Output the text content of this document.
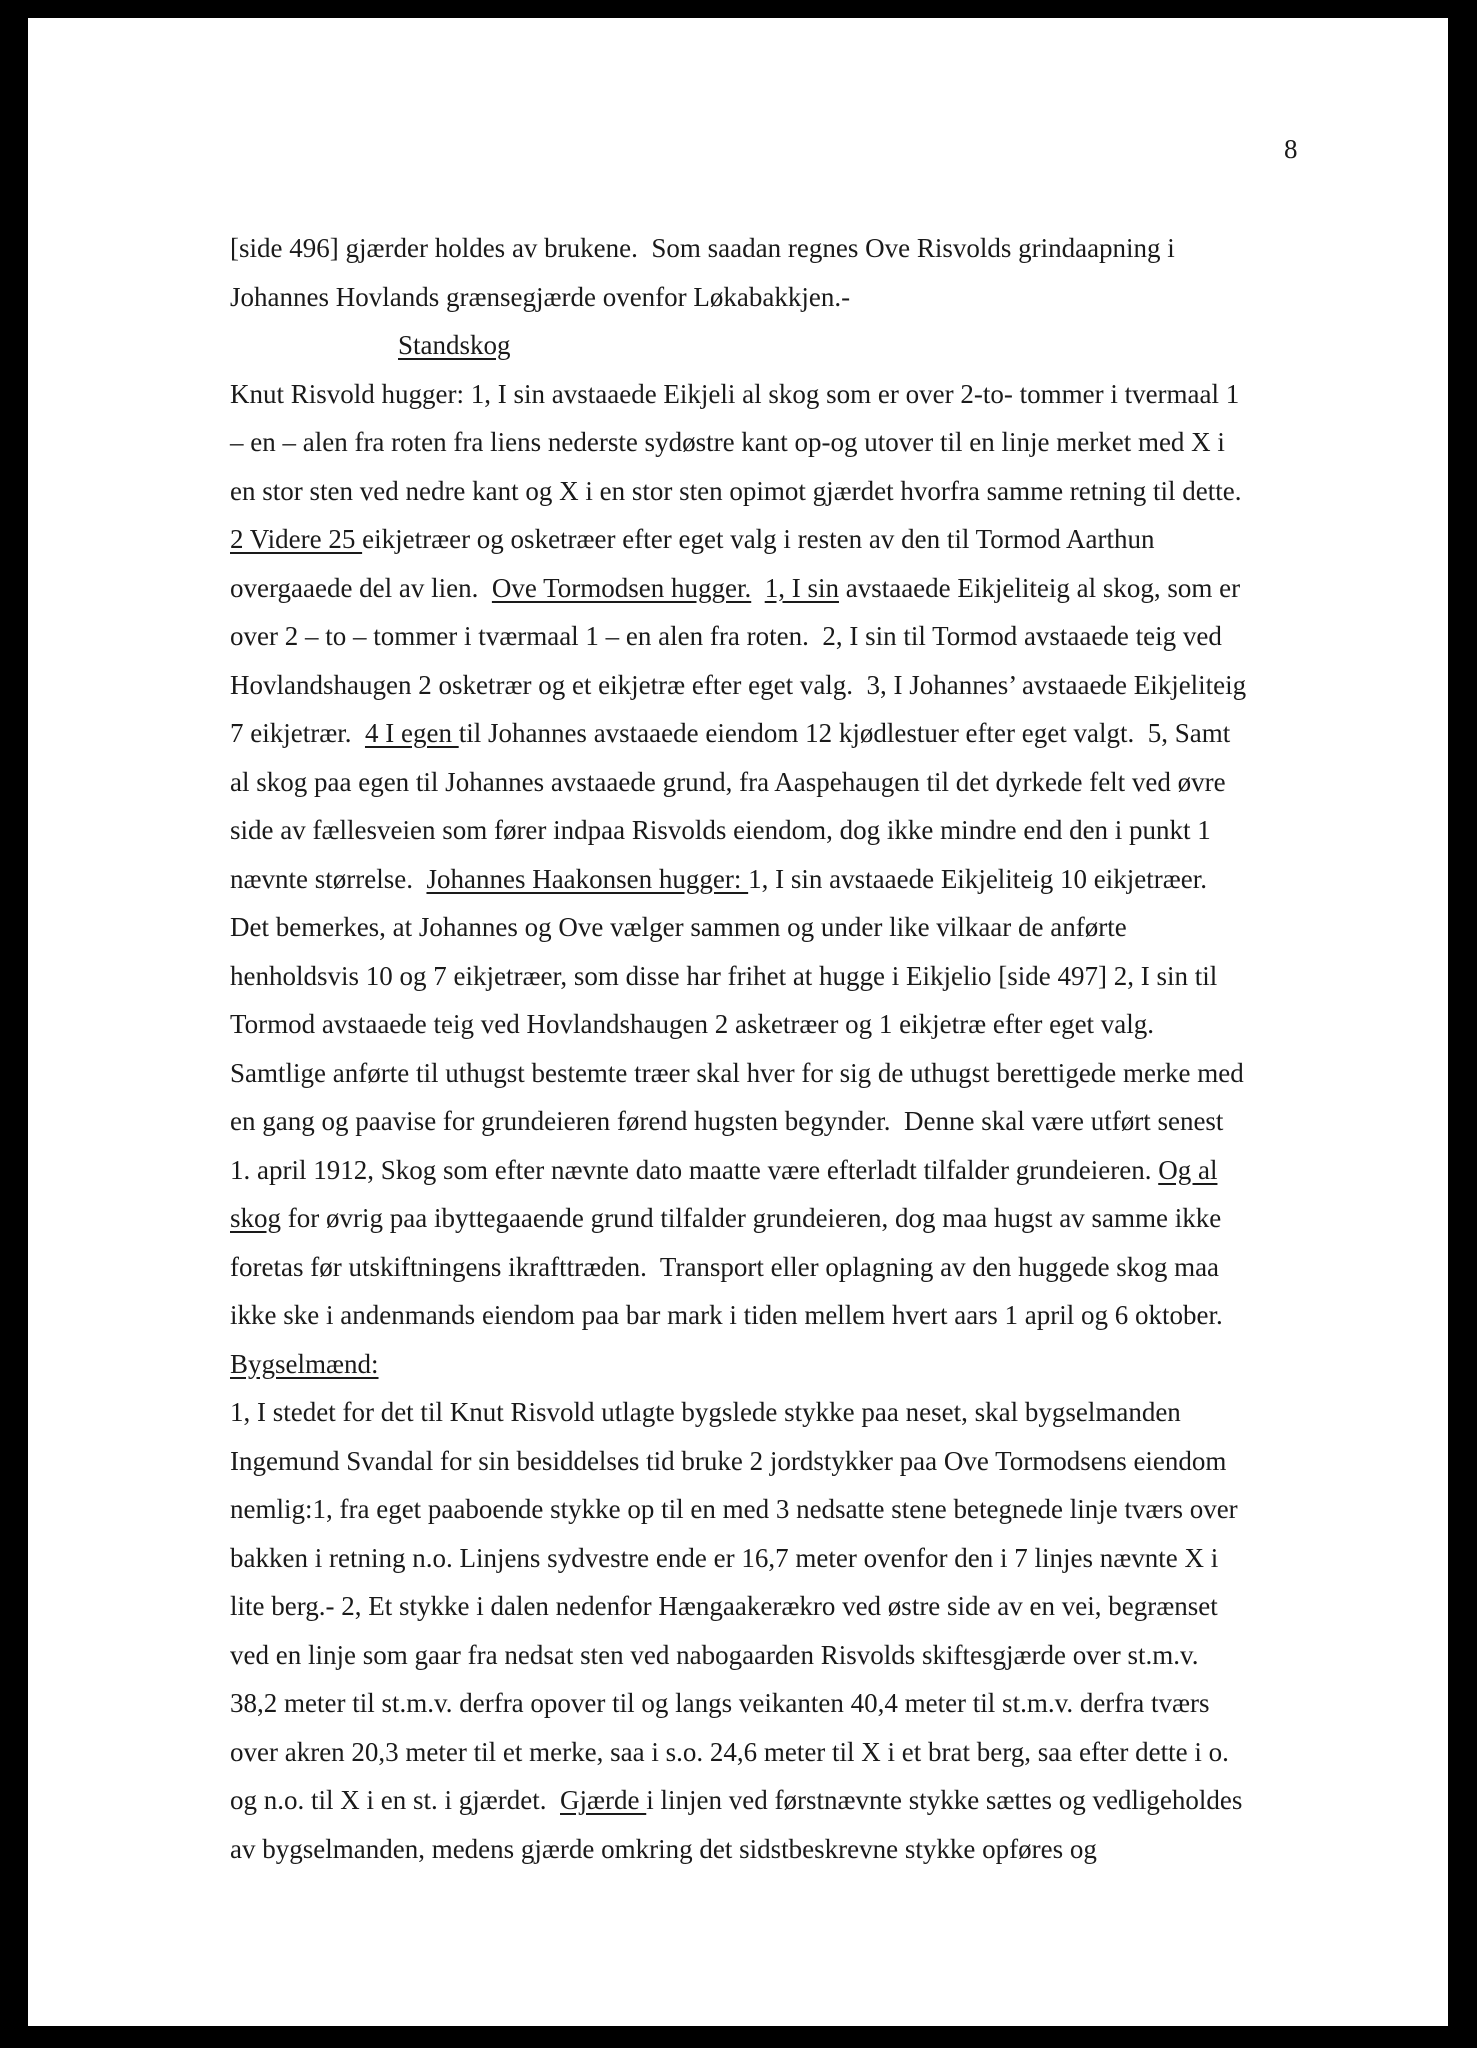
8
[side 496] gjærder holdes av brukene.  Som saadan regnes Ove Risvolds grindaapning i
Johannes Hovlands grænsegjærde ovenfor Løkabakkjen.-
Standskog
Knut Risvold hugger: 1, I sin avstaaede Eikjeli al skog som er over 2-to- tommer i tvermaal 1
– en – alen fra roten fra liens nederste sydøstre kant op-og utover til en linje merket med X i
en stor sten ved nedre kant og X i en stor sten opimot gjærdet hvorfra samme retning til dette.
2 Videre 25 eikjetræer og osketræer efter eget valg i resten av den til Tormod Aarthun
overgaaede del av lien.  Ove Tormodsen hugger. 1, I sin avstaaede Eikjeliteig al skog, som er
over 2 – to – tommer i tværmaal 1 – en alen fra roten.  2, I sin til Tormod avstaaede teig ved
Hovlandshaugen 2 osketrær og et eikjetræ efter eget valg.  3, I Johannes’ avstaaede Eikjeliteig
7 eikjetrær.  4 I egen til Johannes avstaaede eiendom 12 kjødlestuer efter eget valgt.  5, Samt
al skog paa egen til Johannes avstaaede grund, fra Aaspehaugen til det dyrkede felt ved øvre
side av fællesveien som fører indpaa Risvolds eiendom, dog ikke mindre end den i punkt 1
nævnte størrelse.  Johannes Haakonsen hugger: 1, I sin avstaaede Eikjeliteig 10 eikjetræer.
Det bemerkes, at Johannes og Ove vælger sammen og under like vilkaar de anførte
henholdsvis 10 og 7 eikjetræer, som disse har frihet at hugge i Eikjelio [side 497] 2, I sin til
Tormod avstaaede teig ved Hovlandshaugen 2 asketræer og 1 eikjetræ efter eget valg.
Samtlige anførte til uthugst bestemte træer skal hver for sig de uthugst berettigede merke med
en gang og paavise for grundeieren førend hugsten begynder.  Denne skal være utført senest
1. april 1912, Skog som efter nævnte dato maatte være efterladt tilfalder grundeieren. Og al
skog for øvrig paa ibyttegaaende grund tilfalder grundeieren, dog maa hugst av samme ikke
foretas før utskiftningens ikrafttræden.  Transport eller oplagning av den huggede skog maa
ikke ske i andenmands eiendom paa bar mark i tiden mellem hvert aars 1 april og 6 oktober.
Bygselmænd:
1, I stedet for det til Knut Risvold utlagte bygslede stykke paa neset, skal bygselmanden
Ingemund Svandal for sin besiddelses tid bruke 2 jordstykker paa Ove Tormodsens eiendom
nemlig:1, fra eget paaboende stykke op til en med 3 nedsatte stene betegnede linje tværs over
bakken i retning n.o. Linjens sydvestre ende er 16,7 meter ovenfor den i 7 linjes nævnte X i
lite berg.- 2, Et stykke i dalen nedenfor Hængaakerækro ved østre side av en vei, begrænset
ved en linje som gaar fra nedsat sten ved nabogaarden Risvolds skiftesgjærde over st.m.v.
38,2 meter til st.m.v. derfra opover til og langs veikanten 40,4 meter til st.m.v. derfra tværs
over akren 20,3 meter til et merke, saa i s.o. 24,6 meter til X i et brat berg, saa efter dette i o.
og n.o. til X i en st. i gjærdet.  Gjærde i linjen ved førstnævnte stykke sættes og vedligeholdes
av bygselmanden, medens gjærde omkring det sidstbeskrevne stykke opføres og
